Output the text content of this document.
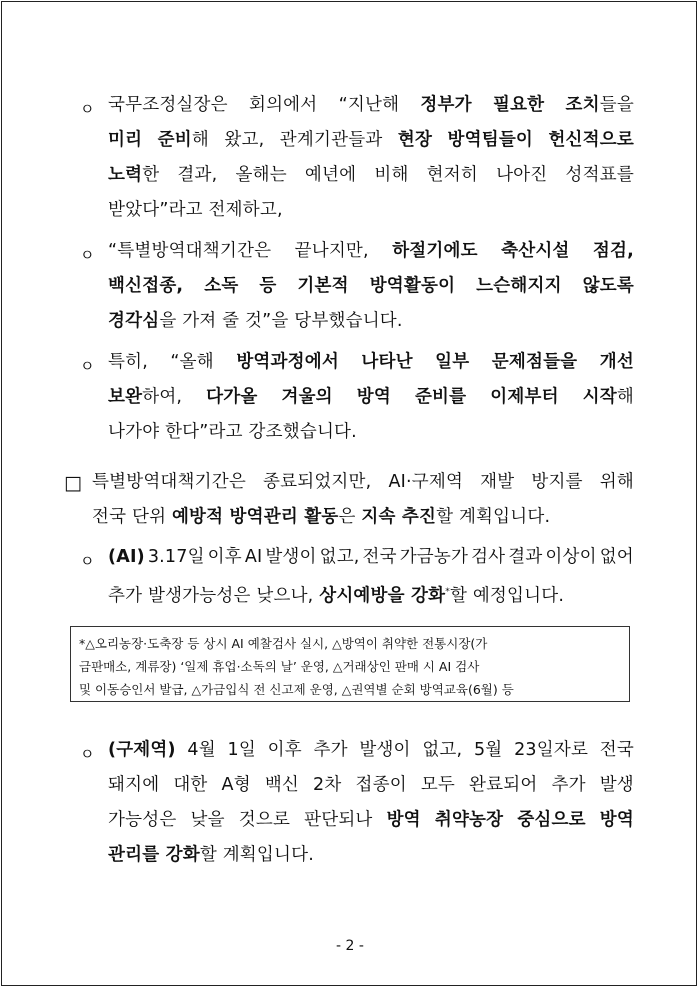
ㅇ 국무조정실장은 회의에서 “지난해 정부가 필요한 조치들을
미리 준비해 왔고, 관계기관들과 현장 방역팀들이 헌신적으로
노력한 결과, 올해는 예년에 비해 현저히 나아진 성적표를
받았다”라고 전제하고,
ㅇ “특별방역대책기간은 끝나지만, 하절기에도 축산시설 점검,
백신접종, 소독 등 기본적 방역활동이 느슨해지지 않도록
경각심을 가져 줄 것”을 당부했습니다.
ㅇ 특히, “올해 방역과정에서 나타난 일부 문제점들을 개선
보완하여, 다가올 겨울의 방역 준비를 이제부터 시작해
나가야 한다”라고 강조했습니다.
□ 특별방역대책기간은 종료되었지만, AI·구제역 재발 방지를 위해
전국 단위 예방적 방역관리 활동은 지속 추진할 계획입니다.
ㅇ (AI) 3.17일 이후 AI 발생이 없고, 전국 가금농가 검사 결과 이상이 없어
추가 발생가능성은 낮으나, 상시예방을 강화*할 예정입니다.
*△오리농장·도축장 등 상시 AI 예찰검사 실시, △방역이 취약한 전통시장(가
금판매소, 계류장) ‘일제 휴업·소독의 날’ 운영, △거래상인 판매 시 AI 검사
및 이동승인서 발급, △가금입식 전 신고제 운영, △권역별 순회 방역교육(6월) 등
ㅇ (구제역) 4월 1일 이후 추가 발생이 없고, 5월 23일자로 전국
돼지에 대한 A형 백신 2차 접종이 모두 완료되어 추가 발생
가능성은 낮을 것으로 판단되나 방역 취약농장 중심으로 방역
관리를 강화할 계획입니다.
- 2 -
